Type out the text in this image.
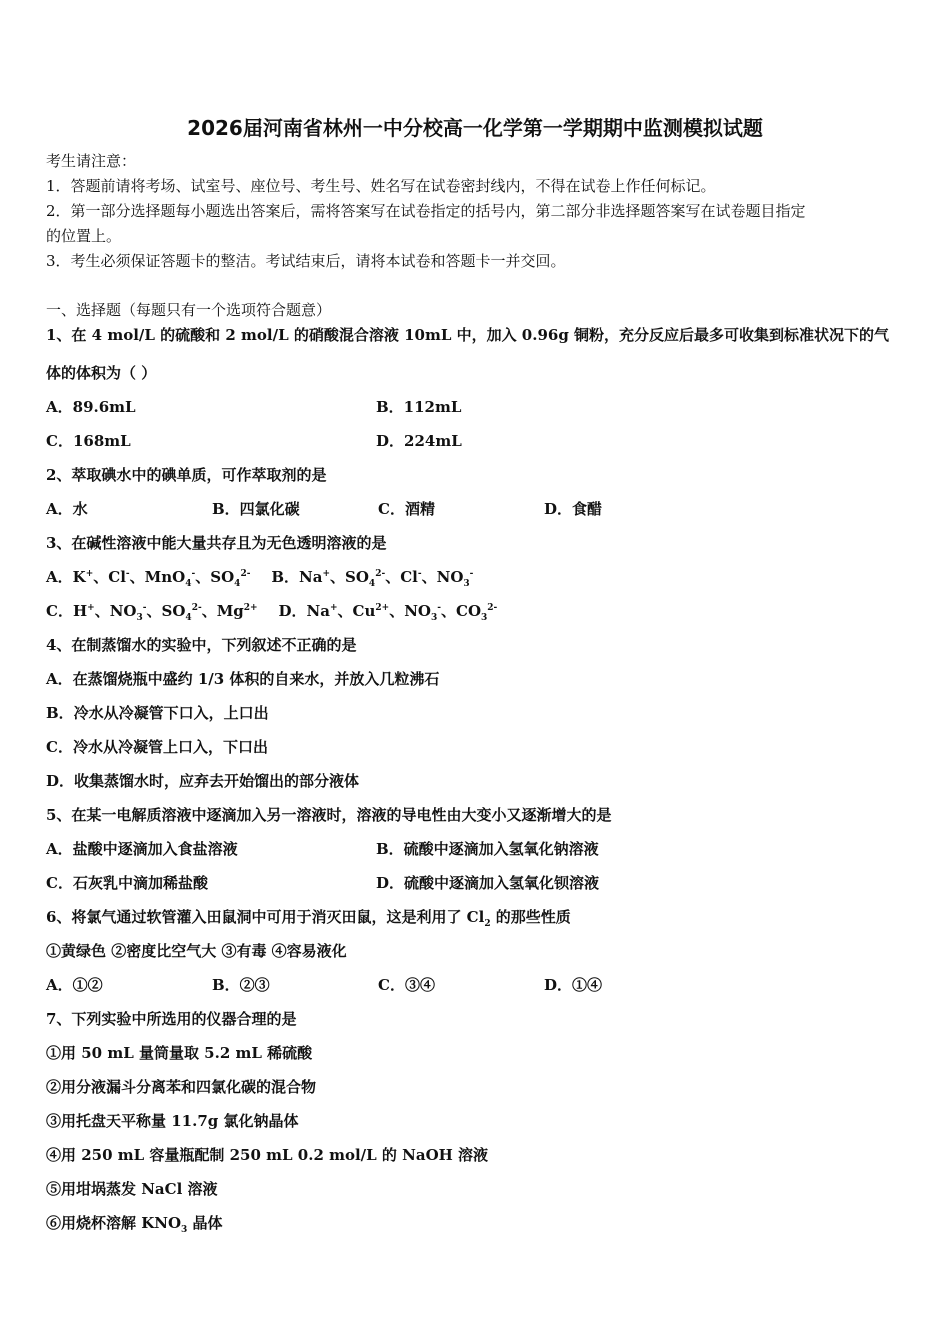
2026届河南省林州一中分校高一化学第一学期期中监测模拟试题
考生请注意：
1．答题前请将考场、试室号、座位号、考生号、姓名写在试卷密封线内，不得在试卷上作任何标记。
2．第一部分选择题每小题选出答案后，需将答案写在试卷指定的括号内，第二部分非选择题答案写在试卷题目指定
的位置上。
3．考生必须保证答题卡的整洁。考试结束后，请将本试卷和答题卡一并交回。
一、选择题（每题只有一个选项符合题意）
1、在 4 mol/L 的硫酸和 2 mol/L 的硝酸混合溶液 10mL 中，加入 0.96g 铜粉，充分反应后最多可收集到标准状况下的气
体的体积为（ ）
A．89.6mL	B．112mL
C．168mL	D．224mL
2、萃取碘水中的碘单质，可作萃取剂的是
A．水	B．四氯化碳	C．酒精	D．食醋
3、在碱性溶液中能大量共存且为无色透明溶液的是
A．K+、Cl-、MnO$_4$-、$SO_4^{2-}$ B．Na+、$SO_4^{2-}$、Cl-、$NO_3^-$
C．H+、$NO_3^-$、$SO_4^{2-}$、$Mg^{2+}$ D．Na+、$Cu^{2+}$、$NO_3^-$、$CO_3^{2-}$
4、在制蒸馏水的实验中，下列叙述不正确的是
A．在蒸馏烧瓶中盛约 1/3 体积的自来水，并放入几粒沸石
B．冷水从冷凝管下口入，上口出
C．冷水从冷凝管上口入，下口出
D．收集蒸馏水时，应弃去开始馏出的部分液体
5、在某一电解质溶液中逐滴加入另一溶液时，溶液的导电性由大变小又逐渐增大的是
A．盐酸中逐滴加入食盐溶液	B．硫酸中逐滴加入氢氧化钠溶液
C．石灰乳中滴加稀盐酸	D．硫酸中逐滴加入氢氧化钡溶液
6、将氯气通过软管灌入田鼠洞中可用于消灭田鼠，这是利用了 $Cl_2$ 的那些性质
①黄绿色 ②密度比空气大 ③有毒 ④容易液化
A．①②	B．②③	C．③④	D．①④
7、下列实验中所选用的仪器合理的是
①用 50 mL 量筒量取 5.2 mL 稀硫酸
②用分液漏斗分离苯和四氯化碳的混合物
③用托盘天平称量 11.7g 氯化钠晶体
④用 250 mL 容量瓶配制 250 mL 0.2 mol/L 的 NaOH 溶液
⑤用坩埚蒸发 NaCl 溶液
⑥用烧杯溶解 $KNO_3$ 晶体
